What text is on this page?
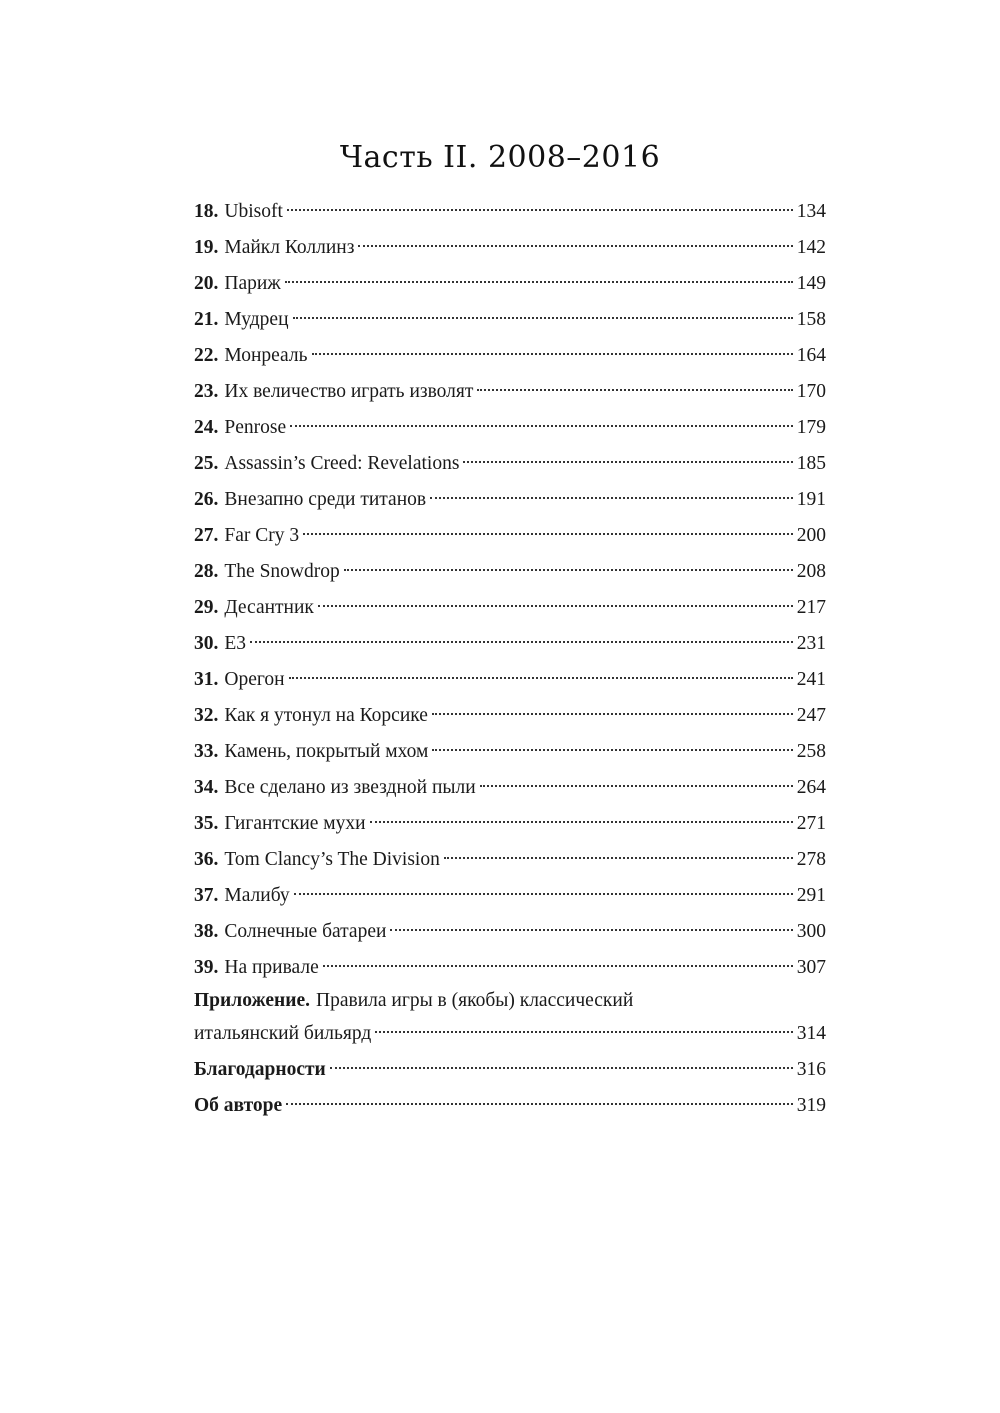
Часть II. 2008–2016
18. Ubisoft	134
19. Майкл Коллинз	142
20. Париж	149
21. Мудрец	158
22. Монреаль	164
23. Их величество играть изволят	170
24. Penrose	179
25. Assassin’s Creed: Revelations	185
26. Внезапно среди титанов	191
27. Far Cry 3	200
28. The Snowdrop	208
29. Десантник	217
30. E3	231
31. Орегон	241
32. Как я утонул на Корсике	247
33. Камень, покрытый мхом	258
34. Все сделано из звездной пыли	264
35. Гигантские мухи	271
36. Tom Clancy’s The Division	278
37. Малибу	291
38. Солнечные батареи	300
39. На привале	307
Приложение. Правила игры в (якобы) классический
итальянский бильярд	314
Благодарности	316
Об авторе	319
